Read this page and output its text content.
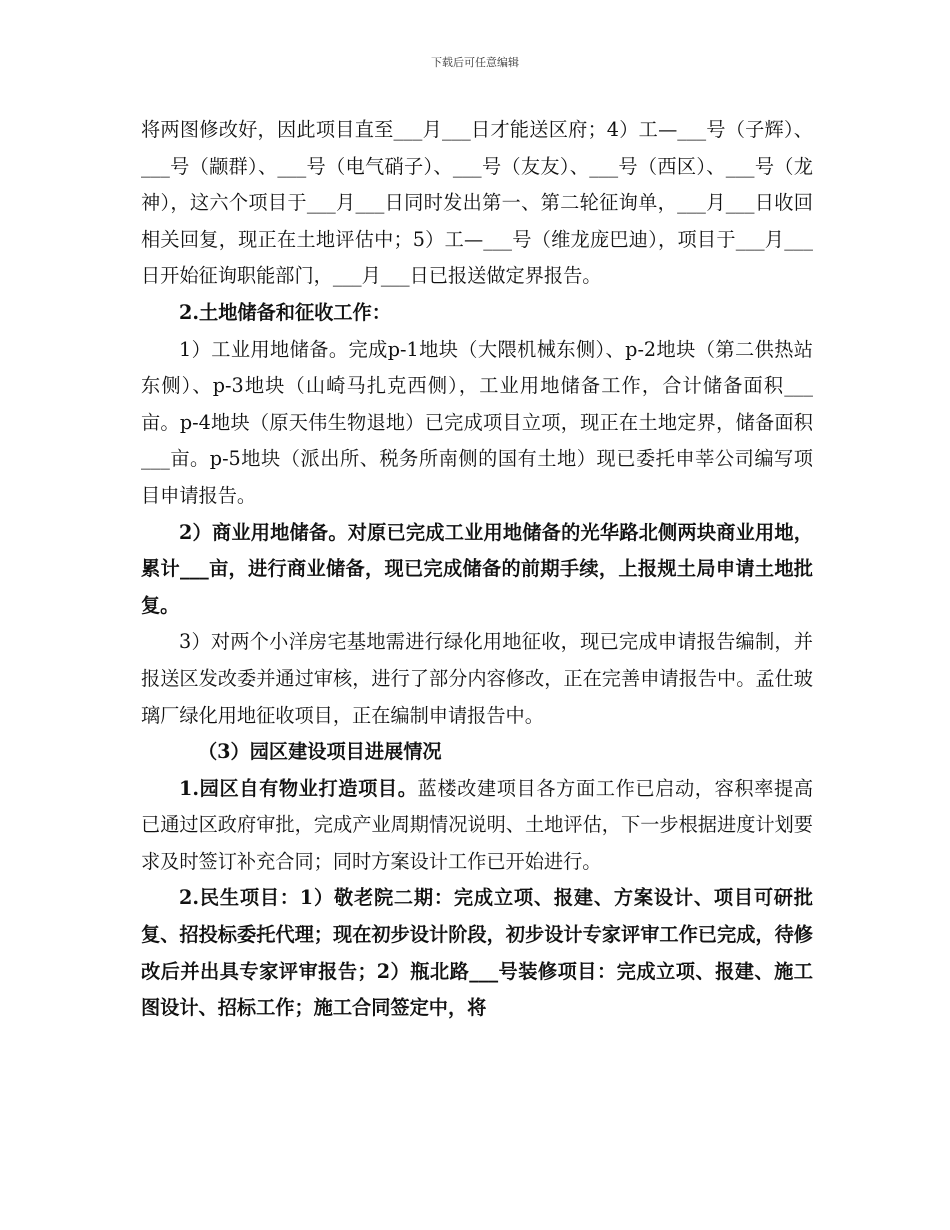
下载后可任意编辑

将两图修改好，因此项目直至___月___日才能送区府；4）工—___号（子辉）、___号（颛群）、___号（电气硝子）、___号（友友）、___号（西区）、___号（龙神），这六个项目于___月___日同时发出第一、第二轮征询单，___月___日收回相关回复，现正在土地评估中；5）工—___号（维龙庞巴迪），项目于___月___日开始征询职能部门，___月___日已报送做定界报告。

2.土地储备和征收工作：

1）工业用地储备。完成p-1地块（大隈机械东侧）、p-2地块（第二供热站东侧）、p-3地块（山崎马扎克西侧），工业用地储备工作，合计储备面积___亩。p-4地块（原天伟生物退地）已完成项目立项，现正在土地定界，储备面积___亩。p-5地块（派出所、税务所南侧的国有土地）现已委托申莘公司编写项目申请报告。

2）商业用地储备。对原已完成工业用地储备的光华路北侧两块商业用地，累计___亩，进行商业储备，现已完成储备的前期手续，上报规土局申请土地批复。

3）对两个小洋房宅基地需进行绿化用地征收，现已完成申请报告编制，并报送区发改委并通过审核，进行了部分内容修改，正在完善申请报告中。孟仕玻璃厂绿化用地征收项目，正在编制申请报告中。

（3）园区建设项目进展情况

1.园区自有物业打造项目。蓝楼改建项目各方面工作已启动，容积率提高已通过区政府审批，完成产业周期情况说明、土地评估，下一步根据进度计划要求及时签订补充合同；同时方案设计工作已开始进行。

2.民生项目：1）敬老院二期：完成立项、报建、方案设计、项目可研批复、招投标委托代理；现在初步设计阶段，初步设计专家评审工作已完成，待修改后并出具专家评审报告；2）瓶北路___号装修项目：完成立项、报建、施工图设计、招标工作；施工合同签定中，将
